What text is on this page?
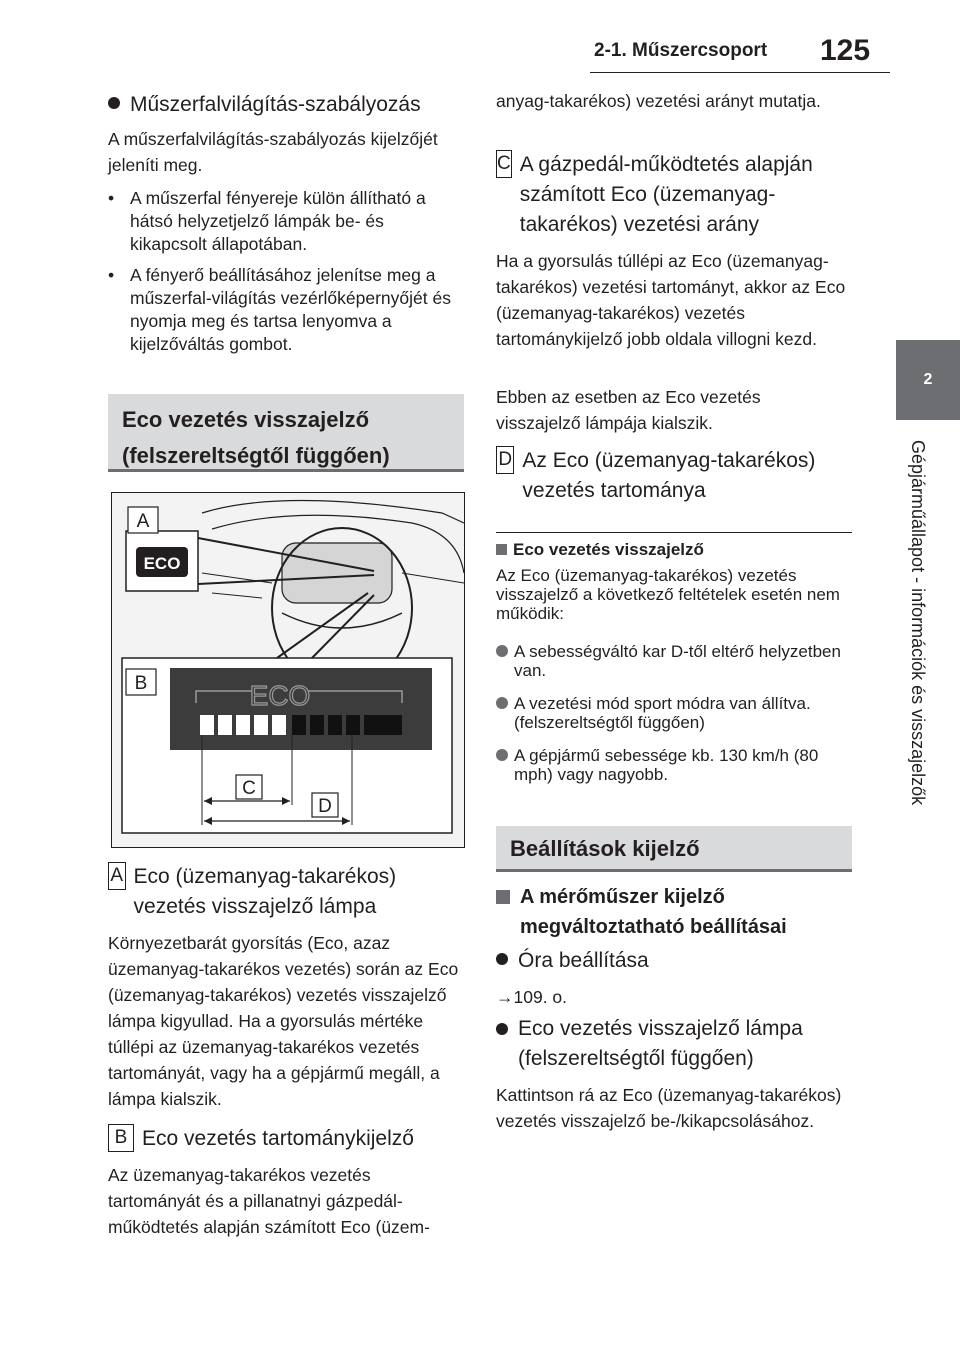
2-1. Műszercsoport 125
2
Gépjárműállapot - információk és visszajelzők
Műszerfalvilágítás-szabályozás
A műszerfalvilágítás-szabályozás kijelzőjét jeleníti meg.
• A műszerfal fényereje külön állítható a hátsó helyzetjelző lámpák be- és kikapcsolt állapotában.
• A fényerő beállításához jelenítse meg a műszerfal-világítás vezérlőképernyőjét és nyomja meg és tartsa lenyomva a kijelzőváltás gombot.
Eco vezetés visszajelző (felszereltségtől függően)
ECO
A
B	ECO
C
D
A Eco (üzemanyag-takarékos) vezetés visszajelző lámpa
Környezetbarát gyorsítás (Eco, azaz üzemanyag-takarékos vezetés) során az Eco (üzemanyag-takarékos) vezetés visszajelző lámpa kigyullad. Ha a gyorsulás mértéke túllépi az üzemanyag-takarékos vezetés tartományát, vagy ha a gépjármű megáll, a lámpa kialszik.
B Eco vezetés tartománykijelző
Az üzemanyag-takarékos vezetés tartományát és a pillanatnyi gázpedál-működtetés alapján számított Eco (üzem-
anyag-takarékos) vezetési arányt mutatja.
C A gázpedál-működtetés alapján számított Eco (üzemanyag-takarékos) vezetési arány
Ha a gyorsulás túllépi az Eco (üzemanyag-takarékos) vezetési tartományt, akkor az Eco (üzemanyag-takarékos) vezetés tartománykijelző jobb oldala villogni kezd.
Ebben az esetben az Eco vezetés visszajelző lámpája kialszik.
D Az Eco (üzemanyag-takarékos) vezetés tartománya
Eco vezetés visszajelző
Az Eco (üzemanyag-takarékos) vezetés visszajelző a következő feltételek esetén nem működik:
A sebességváltó kar D-től eltérő helyzetben van.
A vezetési mód sport módra van állítva. (felszereltségtől függően)
A gépjármű sebessége kb. 130 km/h (80 mph) vagy nagyobb.
Beállítások kijelző
A mérőműszer kijelző megváltoztatható beállításai
Óra beállítása
→109. o.
Eco vezetés visszajelző lámpa (felszereltségtől függően)
Kattintson rá az Eco (üzemanyag-takarékos) vezetés visszajelző be-/kikapcsolásához.
